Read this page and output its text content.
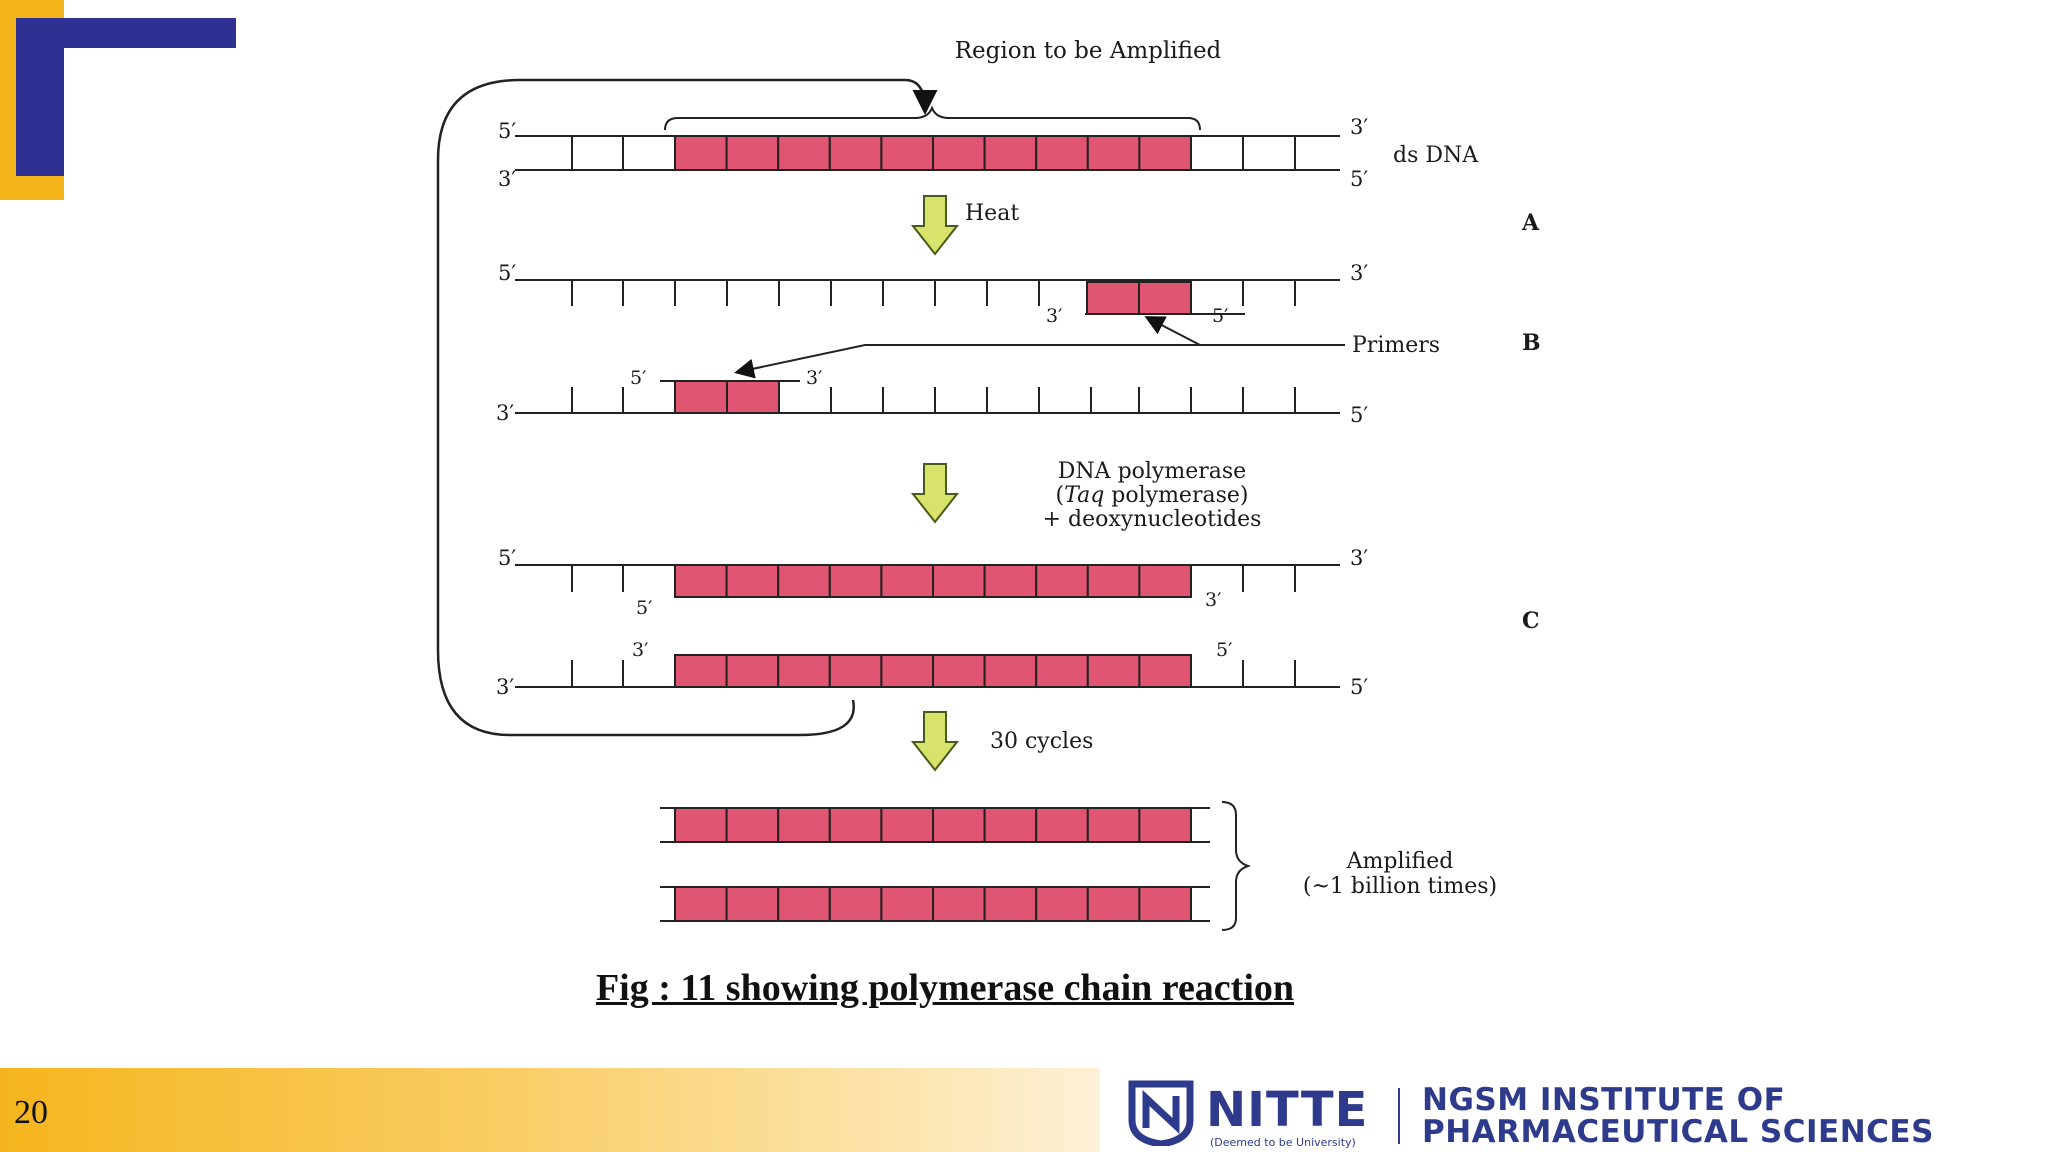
Region to be Amplified
5′
3′
3′
5′
ds DNA
A
Heat
5′	3′
3′	5′
Primers	B
3′	5′
5′	3′
DNA polymerase
(Taq polymerase)
+ deoxynucleotides
5′	3′
5′	3′
C
3′	5′
3′	5′
30 cycles
Amplified
(~1 billion times)
Fig : 11 showing polymerase chain reaction
20	NITTE
(Deemed to be University)
NGSM INSTITUTE OF
PHARMACEUTICAL SCIENCES
